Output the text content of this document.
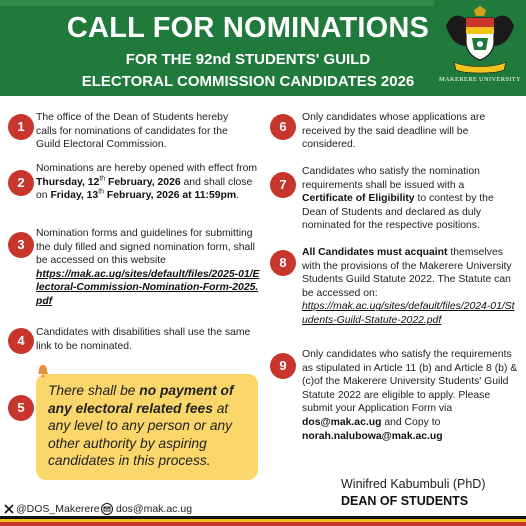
CALL FOR NOMINATIONS
FOR THE 92nd STUDENTS' GUILD
ELECTORAL COMMISSION CANDIDATES 2026	MAKERERE UNIVERSITY
1
The office of the Dean of Students hereby calls for nominations of candidates for the Guild Electoral Commission.
2
Nominations are hereby opened with effect from Thursday, 12th February, 2026 and shall close on Friday, 13th February, 2026 at 11:59pm.
3
Nomination forms and guidelines for submitting the duly filled and signed nomination form, shall be accessed on this website
https://mak.ac.ug/sites/default/files/2025-01/Electoral-Commission-Nomination-Form-2025.pdf
4
Candidates with disabilities shall use the same link to be nominated.
5
There shall be no payment of any electoral related fees at any level to any person or any other authority by aspiring candidates in this process.
6
Only candidates whose applications are received by the said deadline will be considered.
7
Candidates who satisfy the nomination requirements shall be issued with a Certificate of Eligibility to contest by the Dean of Students and declared as duly nominated for the respective positions.
8
All Candidates must acquaint themselves with the provisions of the Makerere University Students Guild Statute 2022. The Statute can be accessed on:
https://mak.ac.ug/sites/default/files/2024-01/Students-Guild-Statute-2022.pdf
9
Only candidates who satisfy the requirements as stipulated in Article 11 (b) and Article 8 (b) & (c)of the Makerere University Students' Guild Statute 2022 are eligible to apply. Please submit your Application Form via dos@mak.ac.ug and Copy to norah.nalubowa@mak.ac.ug
Winifred Kabumbuli (PhD)
DEAN OF STUDENTS
@DOS_Makerere dos@mak.ac.ug
